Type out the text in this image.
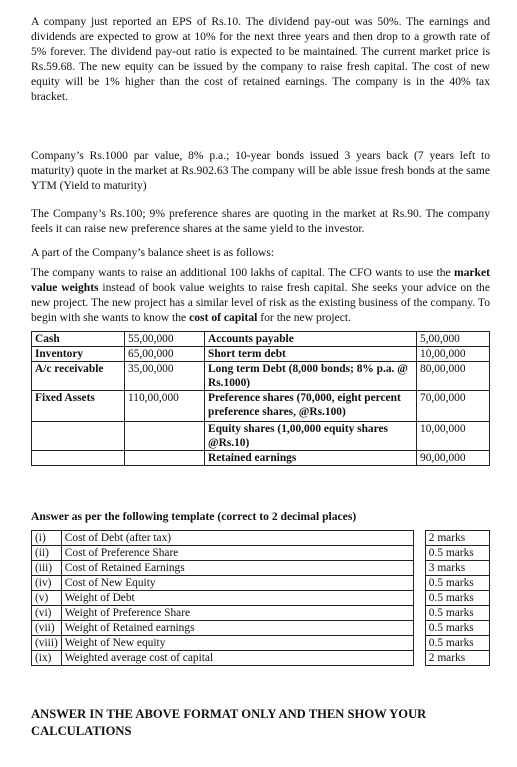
A company just reported an EPS of Rs.10. The dividend pay-out was 50%. The earnings and dividends are expected to grow at 10% for the next three years and then drop to a growth rate of 5% forever. The dividend pay-out ratio is expected to be maintained. The current market price is Rs.59.68. The new equity can be issued by the company to raise fresh capital. The cost of new equity will be 1% higher than the cost of retained earnings. The company is in the 40% tax bracket.

Company’s Rs.1000 par value, 8% p.a.; 10-year bonds issued 3 years back (7 years left to maturity) quote in the market at Rs.902.63 The company will be able issue fresh bonds at the same YTM (Yield to maturity)

The Company’s Rs.100; 9% preference shares are quoting in the market at Rs.90. The company feels it can raise new preference shares at the same yield to the investor.

A part of the Company’s balance sheet is as follows:

The company wants to raise an additional 100 lakhs of capital. The CFO wants to use the market value weights instead of book value weights to raise fresh capital. She seeks your advice on the new project. The new project has a similar level of risk as the existing business of the company. To begin with she wants to know the cost of capital for the new project.

Cash	55,00,000	Accounts payable	5,00,000
Inventory	65,00,000	Short term debt	10,00,000
A/c receivable	35,00,000	Long term Debt (8,000 bonds; 8% p.a. @ Rs.1000)	80,00,000
Fixed Assets	110,00,000	Preference shares (70,000, eight percent preference shares, @Rs.100)	70,00,000
		Equity shares (1,00,000 equity shares @Rs.10)	10,00,000
		Retained earnings	90,00,000
Answer as per the following template (correct to 2 decimal places)
(i)	Cost of Debt (after tax)		2 marks
(ii)	Cost of Preference Share		0.5 marks
(iii)	Cost of Retained Earnings		3 marks
(iv)	Cost of New Equity		0.5 marks
(v)	Weight of Debt		0.5 marks
(vi)	Weight of Preference Share		0.5 marks
(vii)	Weight of Retained earnings		0.5 marks
(viii)	Weight of New equity		0.5 marks
(ix)	Weighted average cost of capital		2 marks
ANSWER IN THE ABOVE FORMAT ONLY AND THEN SHOW YOUR CALCULATIONS
